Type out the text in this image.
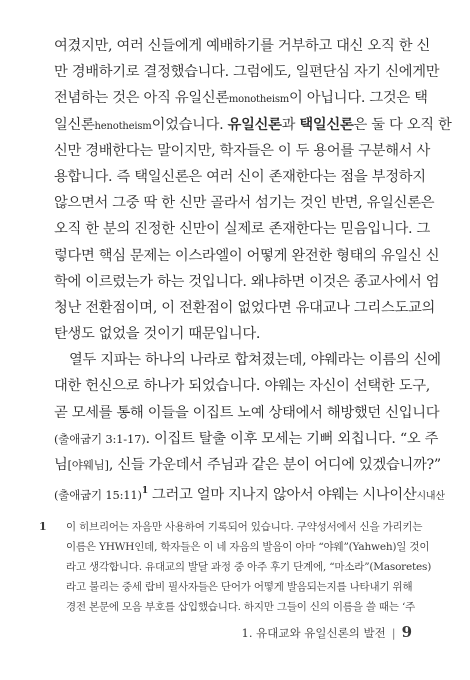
여겼지만, 여러 신들에게 예배하기를 거부하고 대신 오직 한 신
만 경배하기로 결정했습니다. 그럼에도, 일편단심 자기 신에게만
전념하는 것은 아직 유일신론monotheism이 아닙니다. 그것은 택
일신론henotheism이었습니다. 유일신론과 택일신론은 둘 다 오직 한
신만 경배한다는 말이지만, 학자들은 이 두 용어를 구분해서 사
용합니다. 즉 택일신론은 여러 신이 존재한다는 점을 부정하지
않으면서 그중 딱 한 신만 골라서 섬기는 것인 반면, 유일신론은
오직 한 분의 진정한 신만이 실제로 존재한다는 믿음입니다. 그
렇다면 핵심 문제는 이스라엘이 어떻게 완전한 형태의 유일신 신
학에 이르렀는가 하는 것입니다. 왜냐하면 이것은 종교사에서 엄
청난 전환점이며, 이 전환점이 없었다면 유대교나 그리스도교의
탄생도 없었을 것이기 때문입니다.

열두 지파는 하나의 나라로 합쳐졌는데, 야웨라는 이름의 신에
대한 헌신으로 하나가 되었습니다. 야웨는 자신이 선택한 도구,
곧 모세를 통해 이들을 이집트 노예 상태에서 해방했던 신입니다
(출애굽기 3:1-17). 이집트 탈출 이후 모세는 기뻐 외칩니다. “오 주
님[야웨님], 신들 가운데서 주님과 같은 분이 어디에 있겠습니까?”
(출애굽기 15:11)$^1$ 그러고 얼마 지나지 않아서 야웨는 시나이산시내산

1	이 히브리어는 자음만 사용하여 기록되어 있습니다. 구약성서에서 신을 가리키는
이름은 YHWH인데, 학자들은 이 네 자음의 발음이 아마 “야웨”(Yahweh)일 것이
라고 생각합니다. 유대교의 발달 과정 중 아주 후기 단계에, “마소라”(Masoretes)
라고 불리는 중세 랍비 필사자들은 단어가 어떻게 발음되는지를 나타내기 위해
경전 본문에 모음 부호를 삽입했습니다. 하지만 그들이 신의 이름을 쓸 때는 ‘주
1. 유대교와 유일신론의 발전 | 9
